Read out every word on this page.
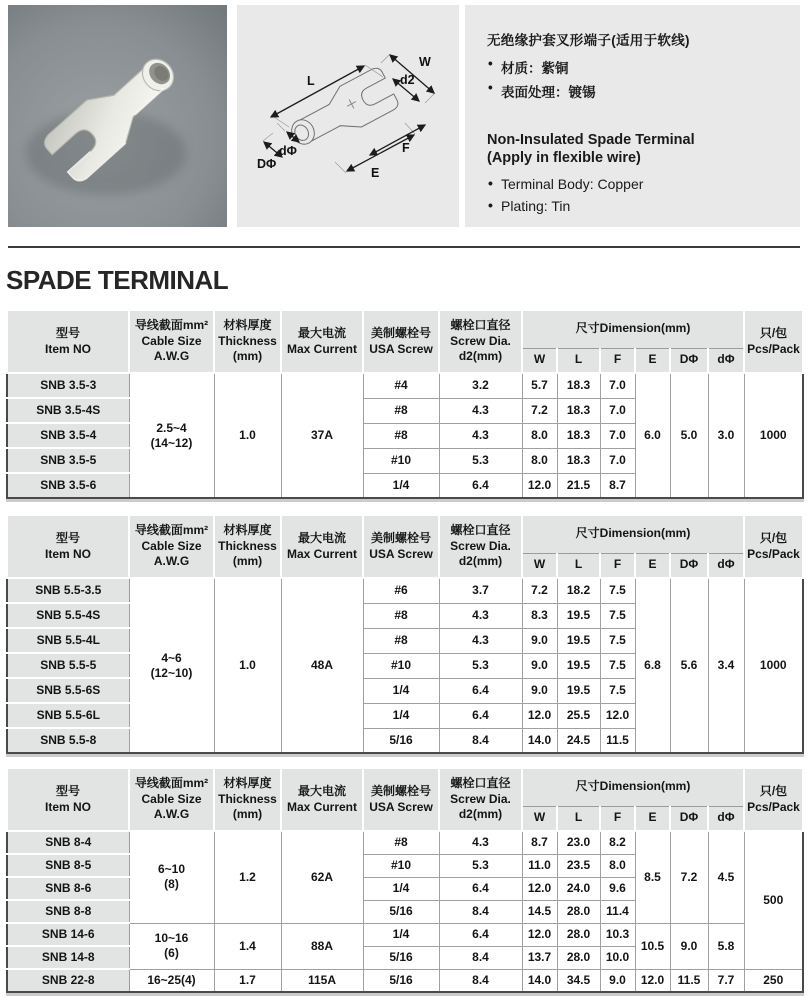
L
W
d2
dΦ
DΦ
E
F
无绝缘护套叉形端子(适用于软线)
• 材质：紫铜
• 表面处理：镀锡
Non-Insulated Spade Terminal
(Apply in flexible wire)
• Terminal Body: Copper
• Plating: Tin
SPADE TERMINAL
型号
Item NO	导线截面mm²
Cable Size
A.W.G	材料厚度
Thickness
(mm)	最大电流
Max Current	美制螺栓号
USA Screw	螺栓口直径
Screw Dia.
d2(mm)	尺寸Dimension(mm)						只/包
Pcs/Pack
						W	L	F	E	DΦ	dΦ	
SNB 3.5-3	2.5~4
(14~12)	1.0	37A	#4	3.2	5.7	18.3	7.0	6.0	5.0	3.0	1000
SNB 3.5-4S				#8	4.3	7.2	18.3	7.0				
SNB 3.5-4				#8	4.3	8.0	18.3	7.0				
SNB 3.5-5				#10	5.3	8.0	18.3	7.0				
SNB 3.5-6				1/4	6.4	12.0	21.5	8.7				
型号
Item NO	导线截面mm²
Cable Size
A.W.G	材料厚度
Thickness
(mm)	最大电流
Max Current	美制螺栓号
USA Screw	螺栓口直径
Screw Dia.
d2(mm)	尺寸Dimension(mm)						只/包
Pcs/Pack
						W	L	F	E	DΦ	dΦ	
SNB 5.5-3.5	4~6
(12~10)	1.0	48A	#6	3.7	7.2	18.2	7.5	6.8	5.6	3.4	1000
SNB 5.5-4S				#8	4.3	8.3	19.5	7.5				
SNB 5.5-4L				#8	4.3	9.0	19.5	7.5				
SNB 5.5-5				#10	5.3	9.0	19.5	7.5				
SNB 5.5-6S				1/4	6.4	9.0	19.5	7.5				
SNB 5.5-6L				1/4	6.4	12.0	25.5	12.0				
SNB 5.5-8				5/16	8.4	14.0	24.5	11.5				
型号
Item NO	导线截面mm²
Cable Size
A.W.G	材料厚度
Thickness
(mm)	最大电流
Max Current	美制螺栓号
USA Screw	螺栓口直径
Screw Dia.
d2(mm)	尺寸Dimension(mm)						只/包
Pcs/Pack
						W	L	F	E	DΦ	dΦ	
SNB 8-4	6~10
(8)	1.2	62A	#8	4.3	8.7	23.0	8.2	8.5	7.2	4.5	500
SNB 8-5				#10	5.3	11.0	23.5	8.0				
SNB 8-6				1/4	6.4	12.0	24.0	9.6				
SNB 8-8				5/16	8.4	14.5	28.0	11.4				
SNB 14-6	10~16
(6)	1.4	88A	1/4	6.4	12.0	28.0	10.3	10.5	9.0	5.8	
SNB 14-8				5/16	8.4	13.7	28.0	10.0				
SNB 22-8	16~25(4)	1.7	115A	5/16	8.4	14.0	34.5	9.0	12.0	11.5	7.7	250
